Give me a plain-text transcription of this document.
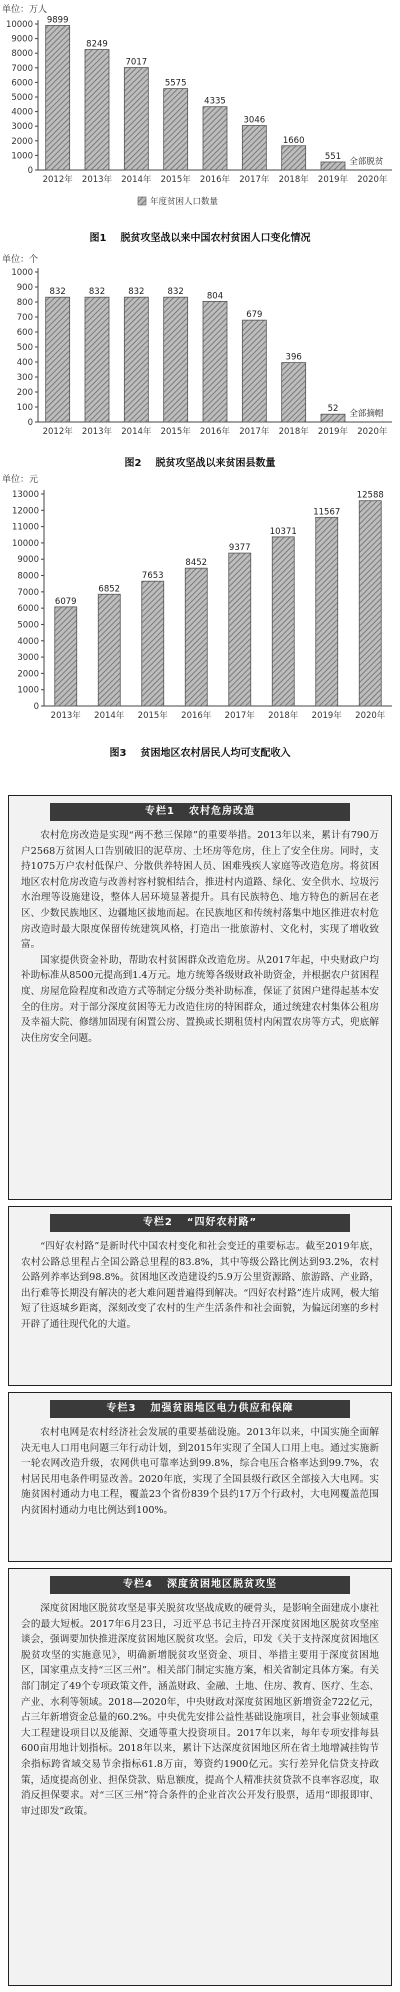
单位：万人
0
1000
2000
3000
4000
5000
6000
7000
8000
9000
10000 9899
2012年
8249
2013年
7017
2014年
5575
2015年
4335
2016年
3046
2017年
1660
2018年
551
2019年
全部脱贫
2020年
年度贫困人口数量
图1 脱贫攻坚战以来中国农村贫困人口变化情况
单位：个
0
100
200
300
400
500
600
700
800
900
1000
832
2012年
832
2013年
832
2014年
832
2015年
804
2016年
679
2017年
396
2018年
52
2019年
全部摘帽
2020年
图2 脱贫攻坚战以来贫困县数量
单位：元
0
1000
2000
3000
4000
5000
6000
7000
8000
9000
10000
11000
12000
13000
6079
2013年
6852
2014年
7653
2015年
8452
2016年
9377
2017年
10371
2018年
11567
2019年
12588
2020年
图3 贫困地区农村居民人均可支配收入
专栏1 农村危房改造

农村危房改造是实现“两不愁三保障”的重要举措。2013年以来，累计有790万户2568万贫困人口告别破旧的泥草房、土坯房等危房，住上了安全住房。同时，支持1075万户农村低保户、分散供养特困人员、困难残疾人家庭等改造危房。将贫困地区农村危房改造与改善村容村貌相结合，推进村内道路、绿化、安全供水、垃圾污水治理等设施建设，整体人居环境显著提升。具有民族特色、地方特色的新居在老区、少数民族地区、边疆地区拔地而起。在民族地区和传统村落集中地区推进农村危房改造时最大限度保留传统建筑风格，打造出一批旅游村、文化村，实现了增收致富。

国家提供资金补助，帮助农村贫困群众改造危房。从2017年起，中央财政户均补助标准从8500元提高到1.4万元。地方统筹各级财政补助资金，并根据农户贫困程度、房屋危险程度和改造方式等制定分级分类补助标准，保证了贫困户建得起基本安全的住房。对于部分深度贫困等无力改造住房的特困群众，通过统建农村集体公租房及幸福大院、修缮加固现有闲置公房、置换或长期租赁村内闲置农房等方式，兜底解决住房安全问题。

专栏2 “四好农村路”

“四好农村路”是新时代中国农村变化和社会变迁的重要标志。截至2019年底，农村公路总里程占全国公路总里程的83.8%，其中等级公路比例达到93.2%，农村公路列养率达到98.8%。贫困地区改造建设约5.9万公里资源路、旅游路、产业路，出行难等长期没有解决的老大难问题普遍得到解决。“四好农村路”连片成网，极大缩短了往返城乡距离，深刻改变了农村的生产生活条件和社会面貌，为偏远闭塞的乡村开辟了通往现代化的大道。

专栏3 加强贫困地区电力供应和保障

农村电网是农村经济社会发展的重要基础设施。2013年以来，中国实施全面解决无电人口用电问题三年行动计划，到2015年实现了全国人口用上电。通过实施新一轮农网改造升级，农网供电可靠率达到99.8%，综合电压合格率达到99.7%，农村居民用电条件明显改善。2020年底，实现了全国县级行政区全部接入大电网。实施贫困村通动力电工程，覆盖23个省份839个县约17万个行政村，大电网覆盖范围内贫困村通动力电比例达到100%。

专栏4 深度贫困地区脱贫攻坚

深度贫困地区脱贫攻坚是事关脱贫攻坚战成败的硬骨头，是影响全面建成小康社会的最大短板。2017年6月23日，习近平总书记主持召开深度贫困地区脱贫攻坚座谈会，强调要加快推进深度贫困地区脱贫攻坚。会后，印发《关于支持深度贫困地区脱贫攻坚的实施意见》，明确新增脱贫攻坚资金、项目、举措主要用于深度贫困地区，国家重点支持“三区三州”。相关部门制定实施方案，相关省制定具体方案。有关部门制定了49个专项政策文件，涵盖财政、金融、土地、住房、教育、医疗、生态、产业、水利等领域。2018—2020年，中央财政对深度贫困地区新增资金722亿元，占三年新增资金总量的60.2%。中央优先安排公益性基础设施项目，社会事业领域重大工程建设项目以及能源、交通等重大投资项目。2017年以来，每年专项安排每县600亩用地计划指标。2018年以来，累计下达深度贫困地区所在省土地增减挂钩节余指标跨省域交易节余指标61.8万亩，筹资约1900亿元。实行差异化信贷支持政策，适度提高创业、担保贷款、贴息额度，提高个人精准扶贫贷款不良率容忍度，取消反担保要求。对“三区三州”符合条件的企业首次公开发行股票，适用“即报即审、审过即发”政策。
